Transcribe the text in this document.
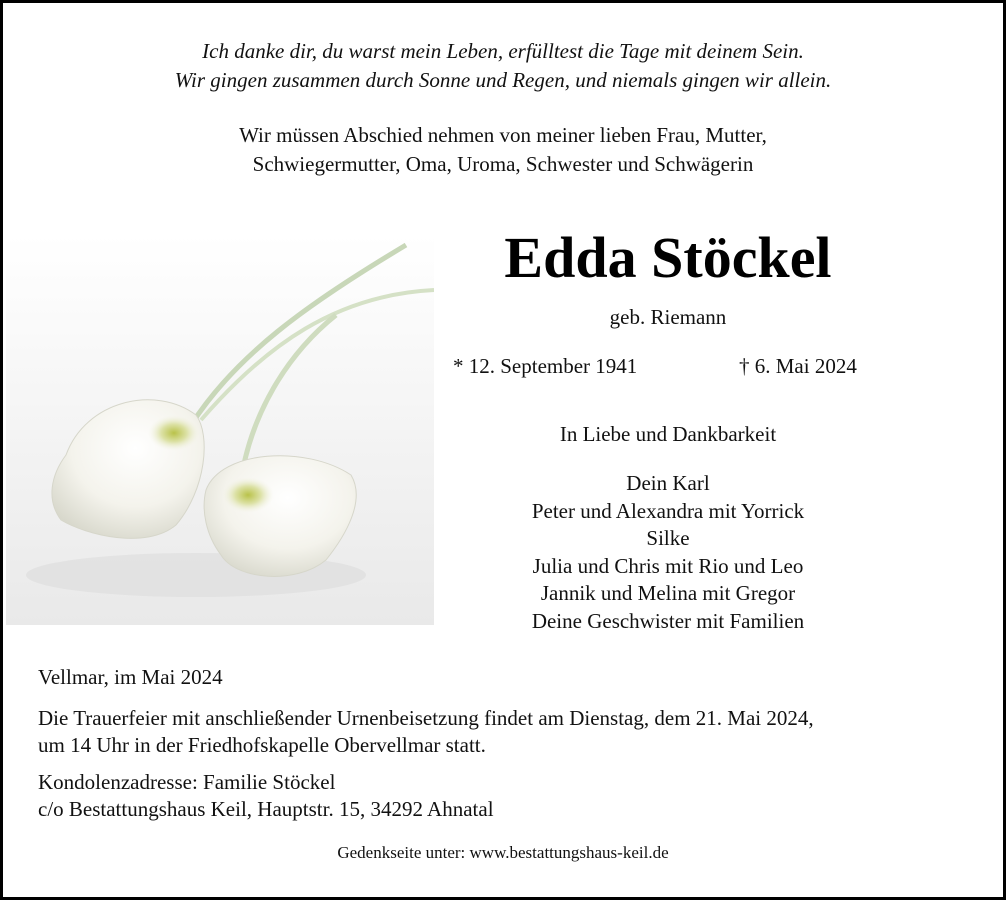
Ich danke dir, du warst mein Leben, erfülltest die Tage mit deinem Sein.
Wir gingen zusammen durch Sonne und Regen, und niemals gingen wir allein.
Wir müssen Abschied nehmen von meiner lieben Frau, Mutter,
Schwiegermutter, Oma, Uroma, Schwester und Schwägerin
Edda Stöckel
geb. Riemann
* 12. September 1941	† 6. Mai 2024
In Liebe und Dankbarkeit
Dein Karl
Peter und Alexandra mit Yorrick
Silke
Julia und Chris mit Rio und Leo
Jannik und Melina mit Gregor
Deine Geschwister mit Familien
Vellmar, im Mai 2024
Die Trauerfeier mit anschließender Urnenbeisetzung findet am Dienstag, dem 21. Mai 2024,
um 14 Uhr in der Friedhofskapelle Obervellmar statt.
Kondolenzadresse: Familie Stöckel
c/o Bestattungshaus Keil, Hauptstr. 15, 34292 Ahnatal
Gedenkseite unter: www.bestattungshaus-keil.de
